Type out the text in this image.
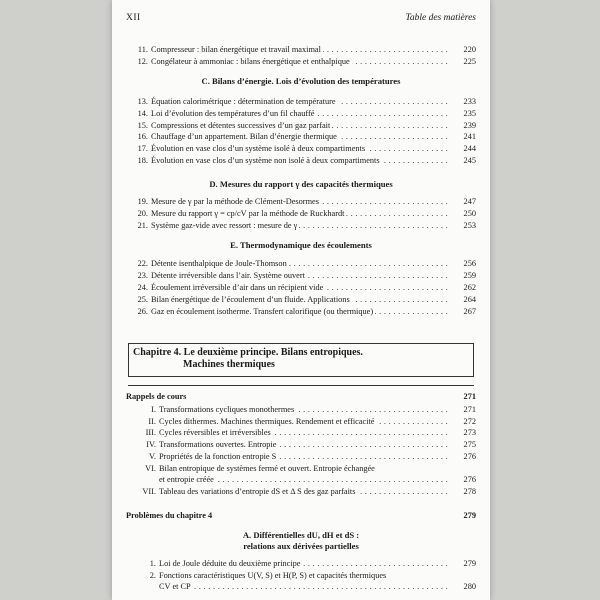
XII	Table des matières
11. . . . Compresseur : bilan énergétique et travail maximal	220
12. . . . Congélateur à ammoniac : bilans énergétique et enthalpique	225
C. Bilans d’énergie. Lois d’évolution des températures
13. . . . Équation calorimétrique : détermination de température	233
14. . . . Loi d’évolution des températures d’un fil chauffé	235
15. . . . Compressions et détentes successives d’un gaz parfait	239
16. . . . Chauffage d’un appartement. Bilan d’énergie thermique	241
17. . . . Évolution en vase clos d’un système isolé à deux compartiments	244
18. . . . Évolution en vase clos d’un système non isolé à deux compartiments	245
D. Mesures du rapport γ des capacités thermiques
19. . . . Mesure de γ par la méthode de Clément-Desormes	247
20. . . . Mesure du rapport γ = cp/cV par la méthode de Ruckhardt	250
21. . . . Système gaz-vide avec ressort : mesure de γ	253
E. Thermodynamique des écoulements
22. . . . Détente isenthalpique de Joule-Thomson	256
23. . . . Détente irréversible dans l’air. Système ouvert	259
24. . . . Écoulement irréversible d’air dans un récipient vide	262
25. . . . Bilan énergétique de l’écoulement d’un fluide. Applications	264
26. . . . Gaz en écoulement isotherme. Transfert calorifique (ou thermique)	267
Rappels de cours	271
I. . . . Transformations cycliques monothermes	271
II. . . . Cycles dithermes. Machines thermiques. Rendement et efficacité	272
III. . . . Cycles réversibles et irréversibles	273
IV. . . . Transformations ouvertes. Entropie	275
V. . . . Propriétés de la fonction entropie S	276
VI. Bilan entropique de systèmes fermé et ouvert. Entropie échangée
. . . et entropie créée	276
VII. . . . Tableau des variations d’entropie dS et Δ S des gaz parfaits	278
Problèmes du chapitre 4	279
A. Différentielles dU, dH et dS :
relations aux dérivées partielles
1. . . . Loi de Joule déduite du deuxième principe	279
2. Fonctions caractéristiques U(V, S) et H(P, S) et capacités thermiques
. . . CV et CP	280
Chapitre 4. Le deuxième principe. Bilans entropiques.
Machines thermiques
